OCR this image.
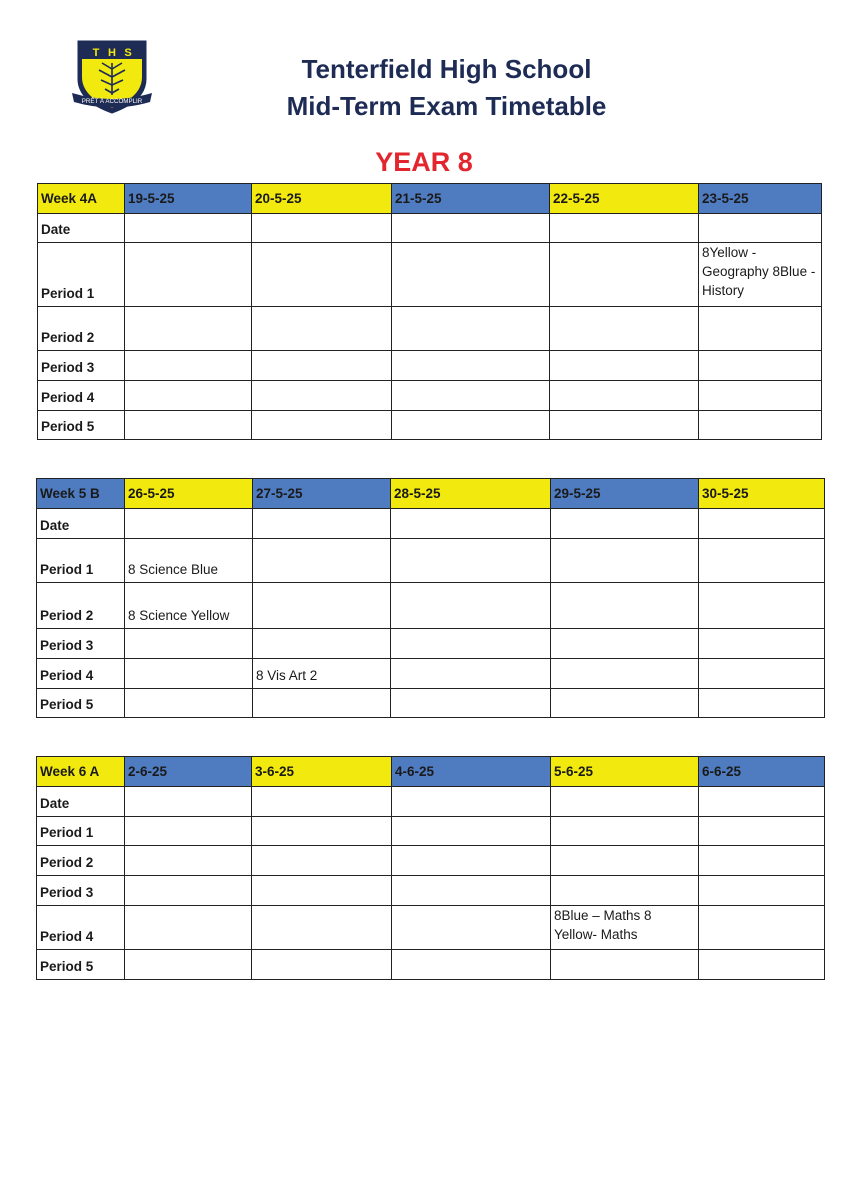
T H S
PRÊT À ACCOMPLIR
Tenterfield High School
Mid-Term Exam Timetable
YEAR 8
Week 4A	19-5-25	20-5-25	21-5-25	22-5-25	23-5-25
Date					
Period 1					8Yellow - Geography 8Blue - History
Period 2					
Period 3					
Period 4					
Period 5					
Week 5 B	26-5-25	27-5-25	28-5-25	29-5-25	30-5-25
Date					
Period 1	8 Science Blue				
Period 2	8 Science Yellow				
Period 3					
Period 4		8 Vis Art 2			
Period 5					
Week 6 A	2-6-25	3-6-25	4-6-25	5-6-25	6-6-25
Date					
Period 1					
Period 2					
Period 3					
Period 4				8Blue – Maths 8 Yellow- Maths	
Period 5					
